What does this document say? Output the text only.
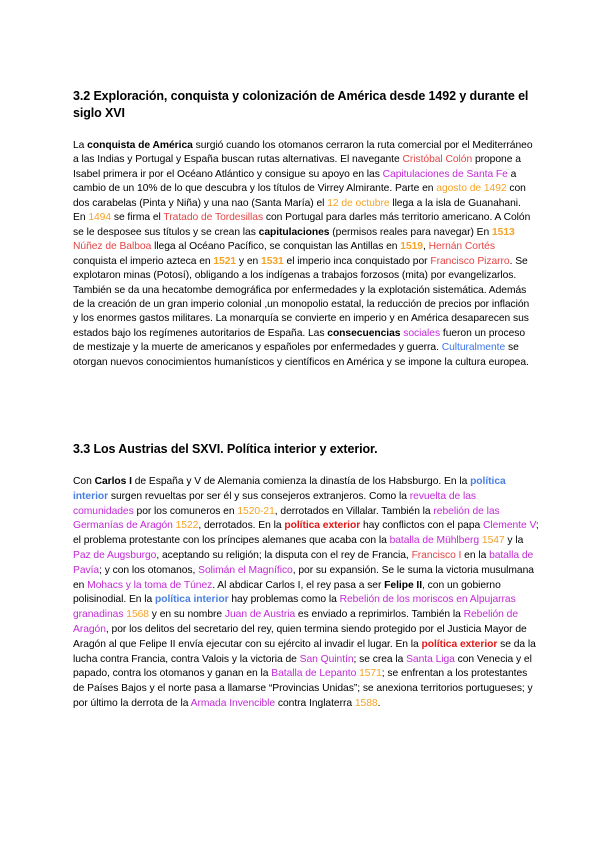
3.2 Exploración, conquista y colonización de América desde 1492 y durante el siglo XVI
La conquista de América surgió cuando los otomanos cerraron la ruta comercial por el Mediterráneo a las Indias y Portugal y España buscan rutas alternativas. El navegante Cristóbal Colón propone a Isabel primera ir por el Océano Atlántico y consigue su apoyo en las Capitulaciones de Santa Fe a cambio de un 10% de lo que descubra y los títulos de Virrey Almirante. Parte en agosto de 1492 con dos carabelas (Pinta y Niña) y una nao (Santa María) el 12 de octubre llega a la isla de Guanahani. En 1494 se firma el Tratado de Tordesillas con Portugal para darles más territorio americano. A Colón se le desposee sus títulos y se crean las capitulaciones (permisos reales para navegar) En 1513 Núñez de Balboa llega al Océano Pacífico, se conquistan las Antillas en 1519, Hernán Cortés conquista el imperio azteca en 1521 y en 1531 el imperio inca conquistado por Francisco Pizarro. Se explotaron minas (Potosí), obligando a los indígenas a trabajos forzosos (mita) por evangelizarlos. También se da una hecatombe demográfica por enfermedades y la explotación sistemática. Además de la creación de un gran imperio colonial ,un monopolio estatal, la reducción de precios por inflación y los enormes gastos militares. La monarquía se convierte en imperio y en América desaparecen sus estados bajo los regímenes autoritarios de España. Las consecuencias sociales fueron un proceso de mestizaje y la muerte de americanos y españoles por enfermedades y guerra. Culturalmente se otorgan nuevos conocimientos humanísticos y científicos en América y se impone la cultura europea.
3.3 Los Austrias del SXVI. Política interior y exterior.
Con Carlos I de España y V de Alemania comienza la dinastía de los Habsburgo. En la política interior surgen revueltas por ser él y sus consejeros extranjeros. Como la revuelta de las comunidades por los comuneros en 1520-21, derrotados en Villalar. También la rebelión de las Germanías de Aragón 1522, derrotados. En la política exterior hay conflictos con el papa Clemente V; el problema protestante con los príncipes alemanes que acaba con la batalla de Mühlberg 1547 y la Paz de Augsburgo, aceptando su religión; la disputa con el rey de Francia, Francisco I en la batalla de Pavía; y con los otomanos, Solimán el Magnífico, por su expansión. Se le suma la victoria musulmana en Mohacs y la toma de Túnez. Al abdicar Carlos I, el rey pasa a ser Felipe II, con un gobierno polisinodial. En la política interior hay problemas como la Rebelión de los moriscos en Alpujarras granadinas 1568 y en su nombre Juan de Austria es enviado a reprimirlos. También la Rebelión de Aragón, por los delitos del secretario del rey, quien termina siendo protegido por el Justicia Mayor de Aragón al que Felipe II envía ejecutar con su ejército al invadir el lugar. En la política exterior se da la lucha contra Francia, contra Valois y la victoria de San Quintín; se crea la Santa Liga con Venecia y el papado, contra los otomanos y ganan en la Batalla de Lepanto 1571; se enfrentan a los protestantes de Países Bajos y el norte pasa a llamarse “Provincias Unidas”; se anexiona territorios portugueses; y por último la derrota de la Armada Invencible contra Inglaterra 1588.
